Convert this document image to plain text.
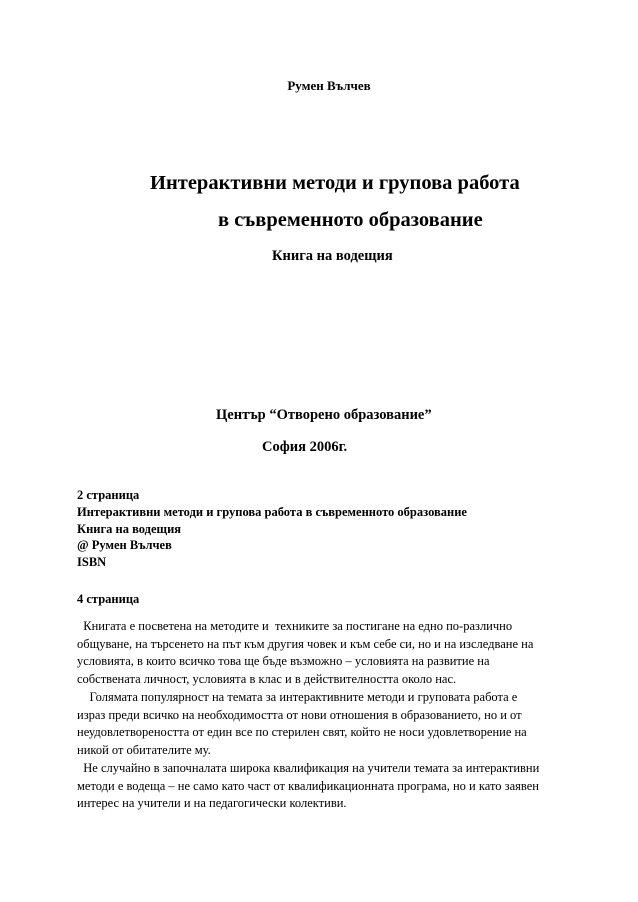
Румен Вълчев
Интерактивни методи и групова работа
в съвременното образование
Книга на водещия
Център “Отворено образование”
София 2006г.
2 страница
Интерактивни методи и групова работа в съвременното образование
Книга на водещия
@ Румен Вълчев
ISBN
4 страница
Книгата е посветена на методите и  техниките за постигане на едно по-различно
общуване, на търсенето на път към другия човек и към себе си, но и на изследване на
условията, в които всичко това ще бъде възможно – условията на развитие на
собствената личност, условията в клас и в действителността около нас.
Голямата популярност на темата за интерактивните методи и груповата работа е
израз преди всичко на необходимостта от нови отношения в образованието, но и от
неудовлетвореността от един все по стерилен свят, който не носи удовлетворение на
никой от обитателите му.
Не случайно в започналата широка квалификация на учители темата за интерактивни
методи е водеща – не само като част от квалификационната програма, но и като заявен
интерес на учители и на педагогически колективи.
